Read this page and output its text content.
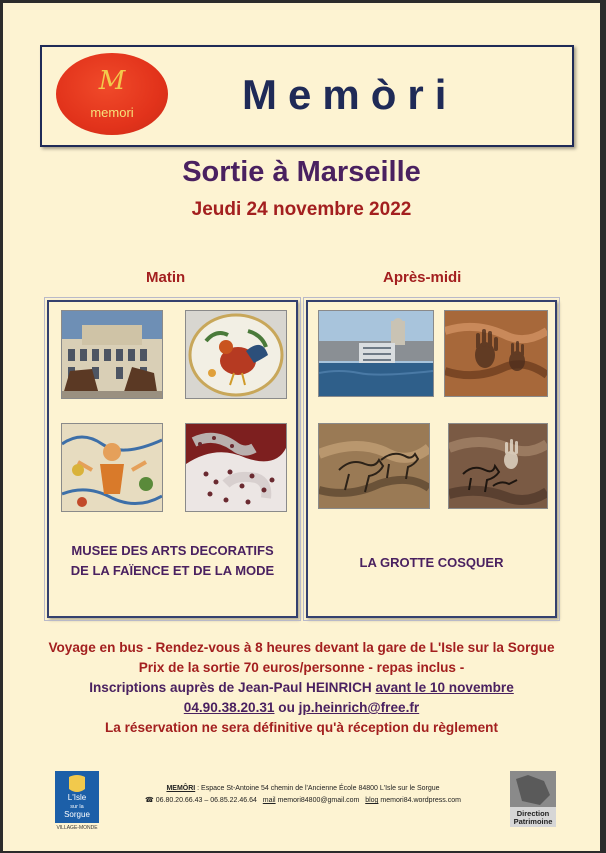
M
memori	Memòri
Sortie à Marseille
Jeudi 24 novembre 2022
Matin	Après-midi
MUSEE DES ARTS DECORATIFS
DE LA FAÏENCE ET DE LA MODE
LA GROTTE COSQUER
Voyage en bus - Rendez-vous à 8 heures devant la gare de L'Isle sur la Sorgue
Prix de la sortie 70 euros/personne - repas inclus -
Inscriptions auprès de Jean-Paul HEINRICH avant le 10 novembre
04.90.38.20.31 ou jp.heinrich@free.fr
La réservation ne sera définitive qu'à réception du règlement
L'Isle
sur la
Sorgue
VILLAGE-MONDE
MEMÔRI : Espace St-Antoine 54 chemin de l'Ancienne École 84800 L'Isle sur le Sorgue
☎ 06.80.20.66.43 – 06.85.22.46.64 mail memori84800@gmail.com blog memori84.wordpress.com
Direction
Patrimoine
